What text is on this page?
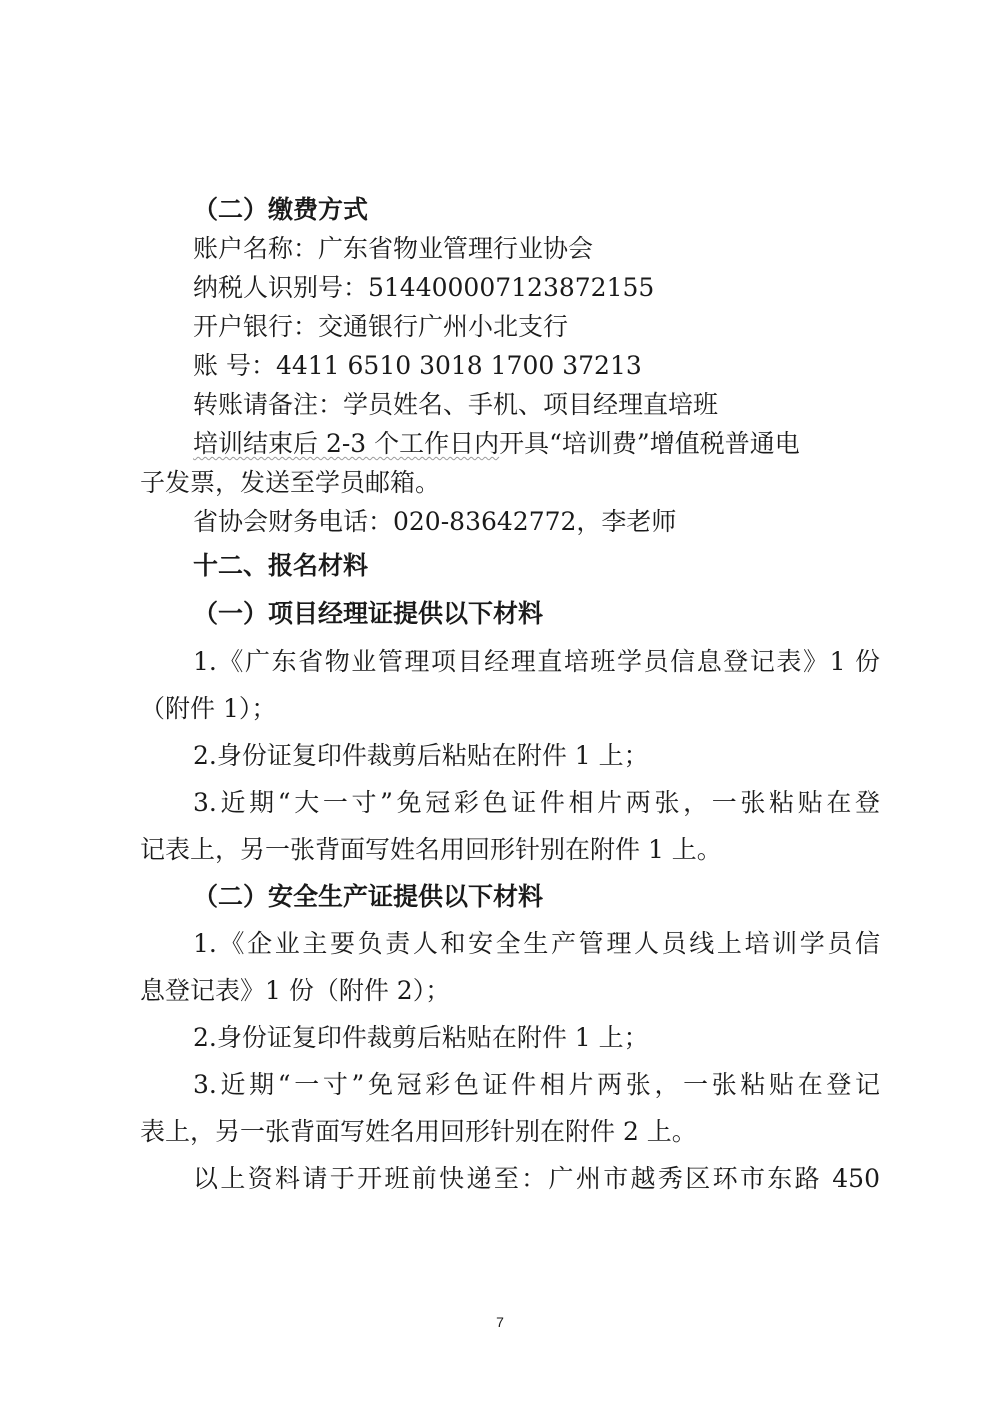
（二）缴费方式
账户名称：广东省物业管理行业协会
纳税人识别号：514400007123872155
开户银行：交通银行广州小北支行
账 号：4411 6510 3018 1700 37213
转账请备注：学员姓名、手机、项目经理直培班
培训结束后 2-3 个工作日内开具“培训费”增值税普通电
子发票，发送至学员邮箱。
省协会财务电话：020-83642772，李老师
十二、报名材料
（一）项目经理证提供以下材料
1.《广东省物业管理项目经理直培班学员信息登记表》1 份
（附件 1）；
2.身份证复印件裁剪后粘贴在附件 1 上；
3.近期“大一寸”免冠彩色证件相片两张，一张粘贴在登
记表上，另一张背面写姓名用回形针别在附件 1 上。
（二）安全生产证提供以下材料
1.《企业主要负责人和安全生产管理人员线上培训学员信
息登记表》1 份（附件 2）；
2.身份证复印件裁剪后粘贴在附件 1 上；
3.近期“一寸”免冠彩色证件相片两张，一张粘贴在登记
表上，另一张背面写姓名用回形针别在附件 2 上。
以上资料请于开班前快递至：广州市越秀区环市东路 450
7
